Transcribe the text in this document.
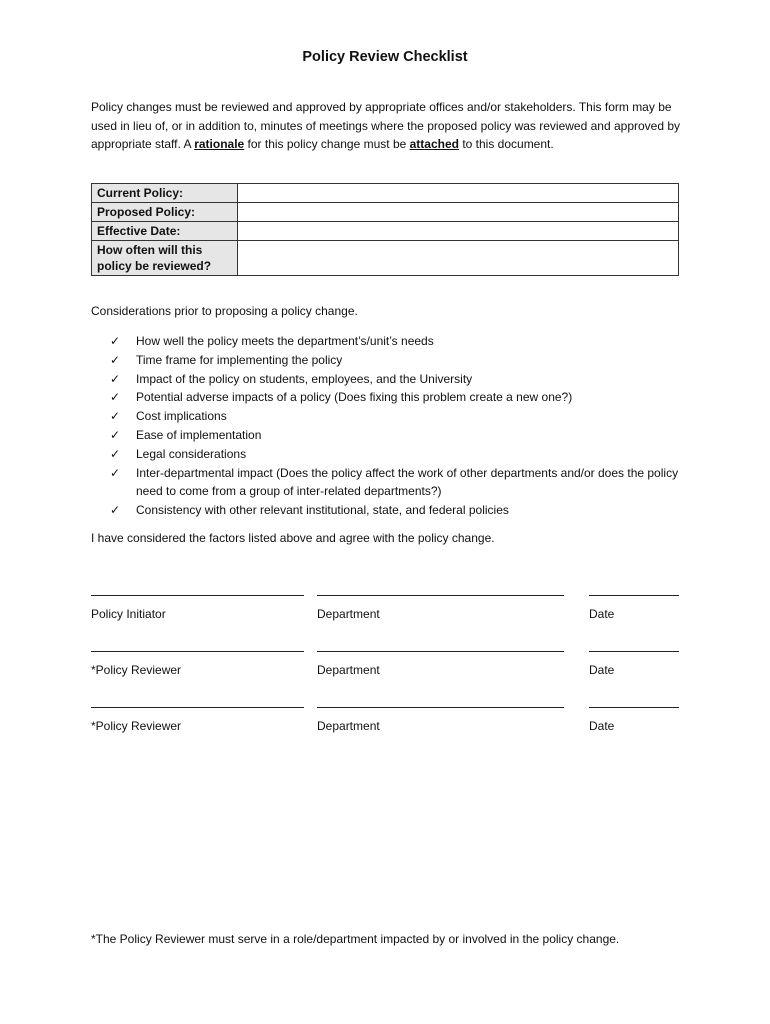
Policy Review Checklist
Policy changes must be reviewed and approved by appropriate offices and/or stakeholders. This form may be used in lieu of, or in addition to, minutes of meetings where the proposed policy was reviewed and approved by appropriate staff. A rationale for this policy change must be attached to this document.
Current Policy:	
Proposed Policy:	
Effective Date:	
How often will this policy be reviewed?	
Considerations prior to proposing a policy change.
✓	How well the policy meets the department’s/unit’s needs
✓	Time frame for implementing the policy
✓	Impact of the policy on students, employees, and the University
✓	Potential adverse impacts of a policy (Does fixing this problem create a new one?)
✓	Cost implications
✓	Ease of implementation
✓	Legal considerations
✓	Inter-departmental impact (Does the policy affect the work of other departments and/or does the policy need to come from a group of inter-related departments?)
✓	Consistency with other relevant institutional, state, and federal policies
I have considered the factors listed above and agree with the policy change.
Policy Initiator	Department	Date
*Policy Reviewer	Department	Date
*Policy Reviewer	Department	Date
*The Policy Reviewer must serve in a role/department impacted by or involved in the policy change.
